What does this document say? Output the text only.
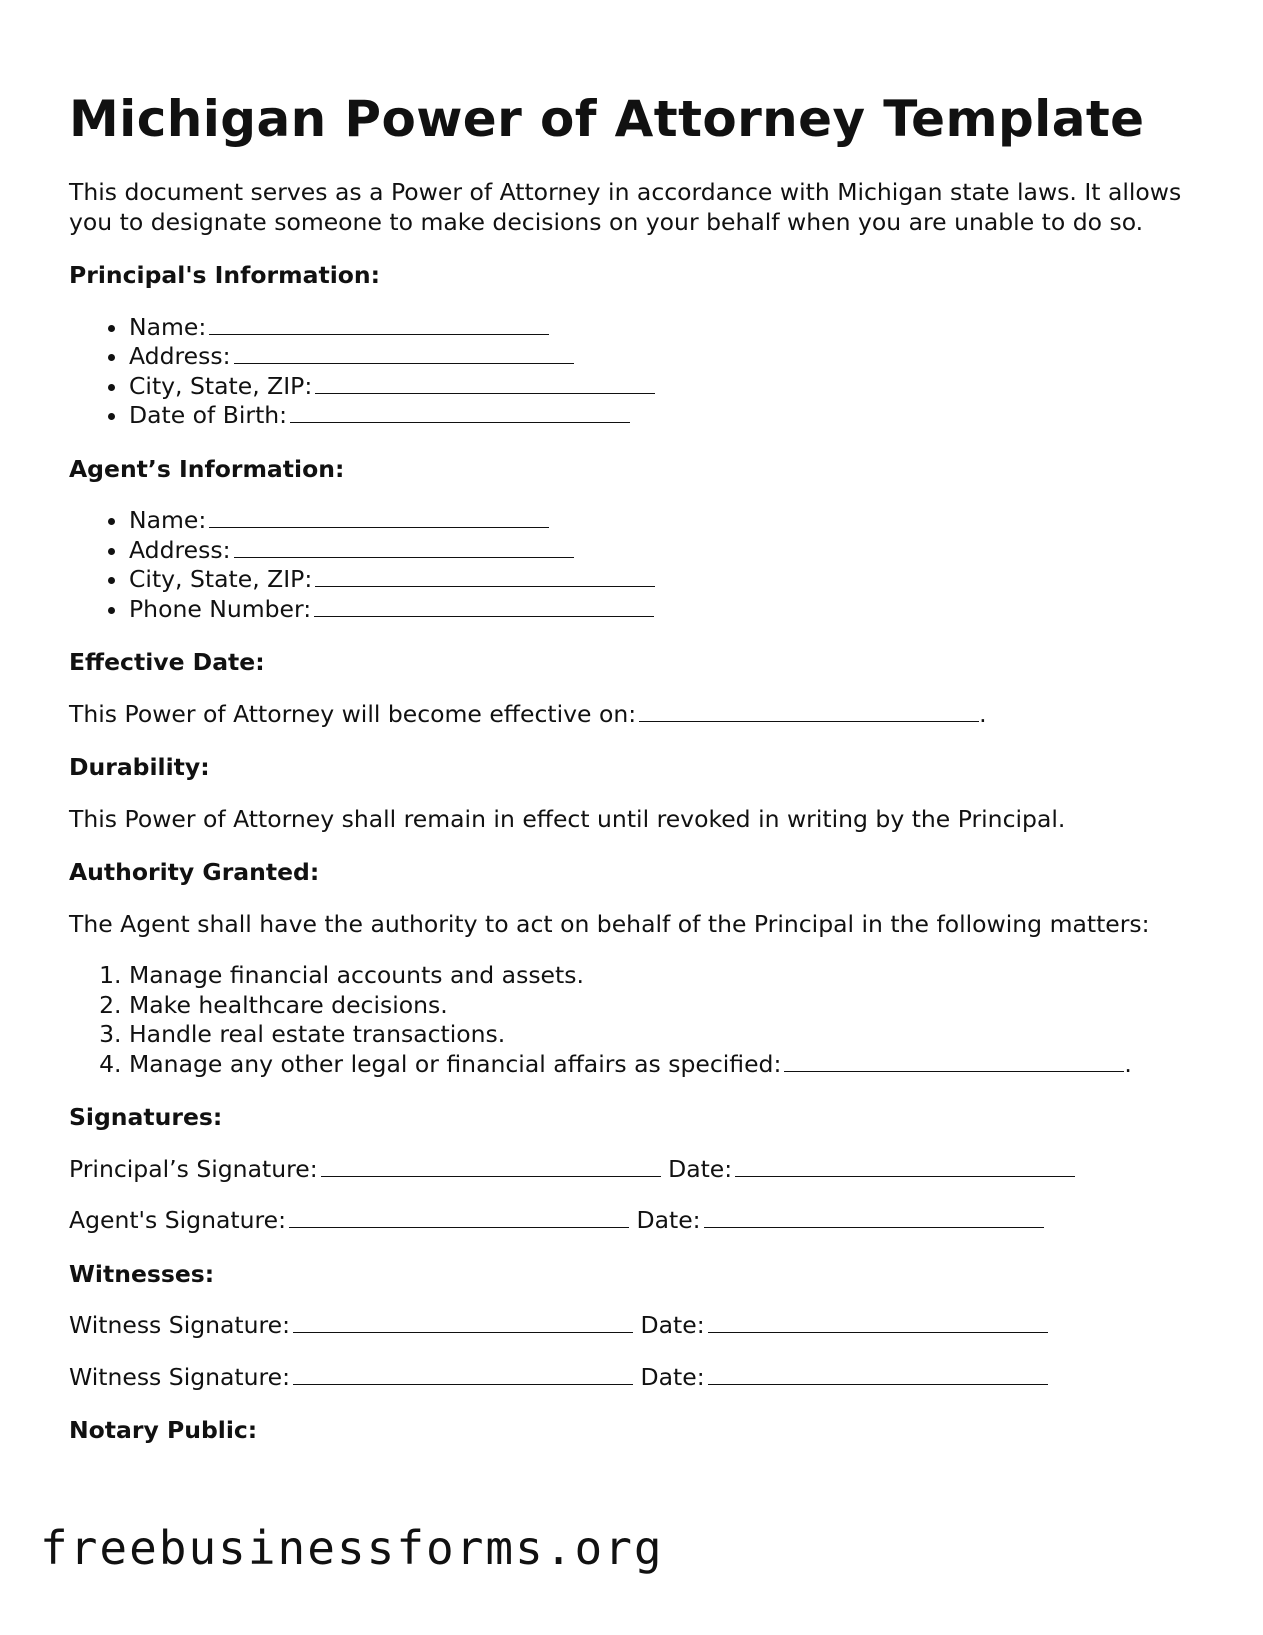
Michigan Power of Attorney Template

This document serves as a Power of Attorney in accordance with Michigan state laws. It allows you to designate someone to make decisions on your behalf when you are unable to do so.

Principal's Information:
• Name:
• Address:
• City, State, ZIP:
• Date of Birth:
Agent’s Information:
• Name:
• Address:
• City, State, ZIP:
• Phone Number:
Effective Date:

This Power of Attorney will become effective on:	.

Durability:

This Power of Attorney shall remain in effect until revoked in writing by the Principal.

Authority Granted:

The Agent shall have the authority to act on behalf of the Principal in the following matters:

1. Manage financial accounts and assets.
2. Make healthcare decisions.
3. Handle real estate transactions.
4. Manage any other legal or financial affairs as specified:	.
Signatures:

Principal’s Signature:	Date:

Agent's Signature:	Date:

Witnesses:

Witness Signature:	Date:

Witness Signature:	Date:

Notary Public:
freebusinessforms.org
